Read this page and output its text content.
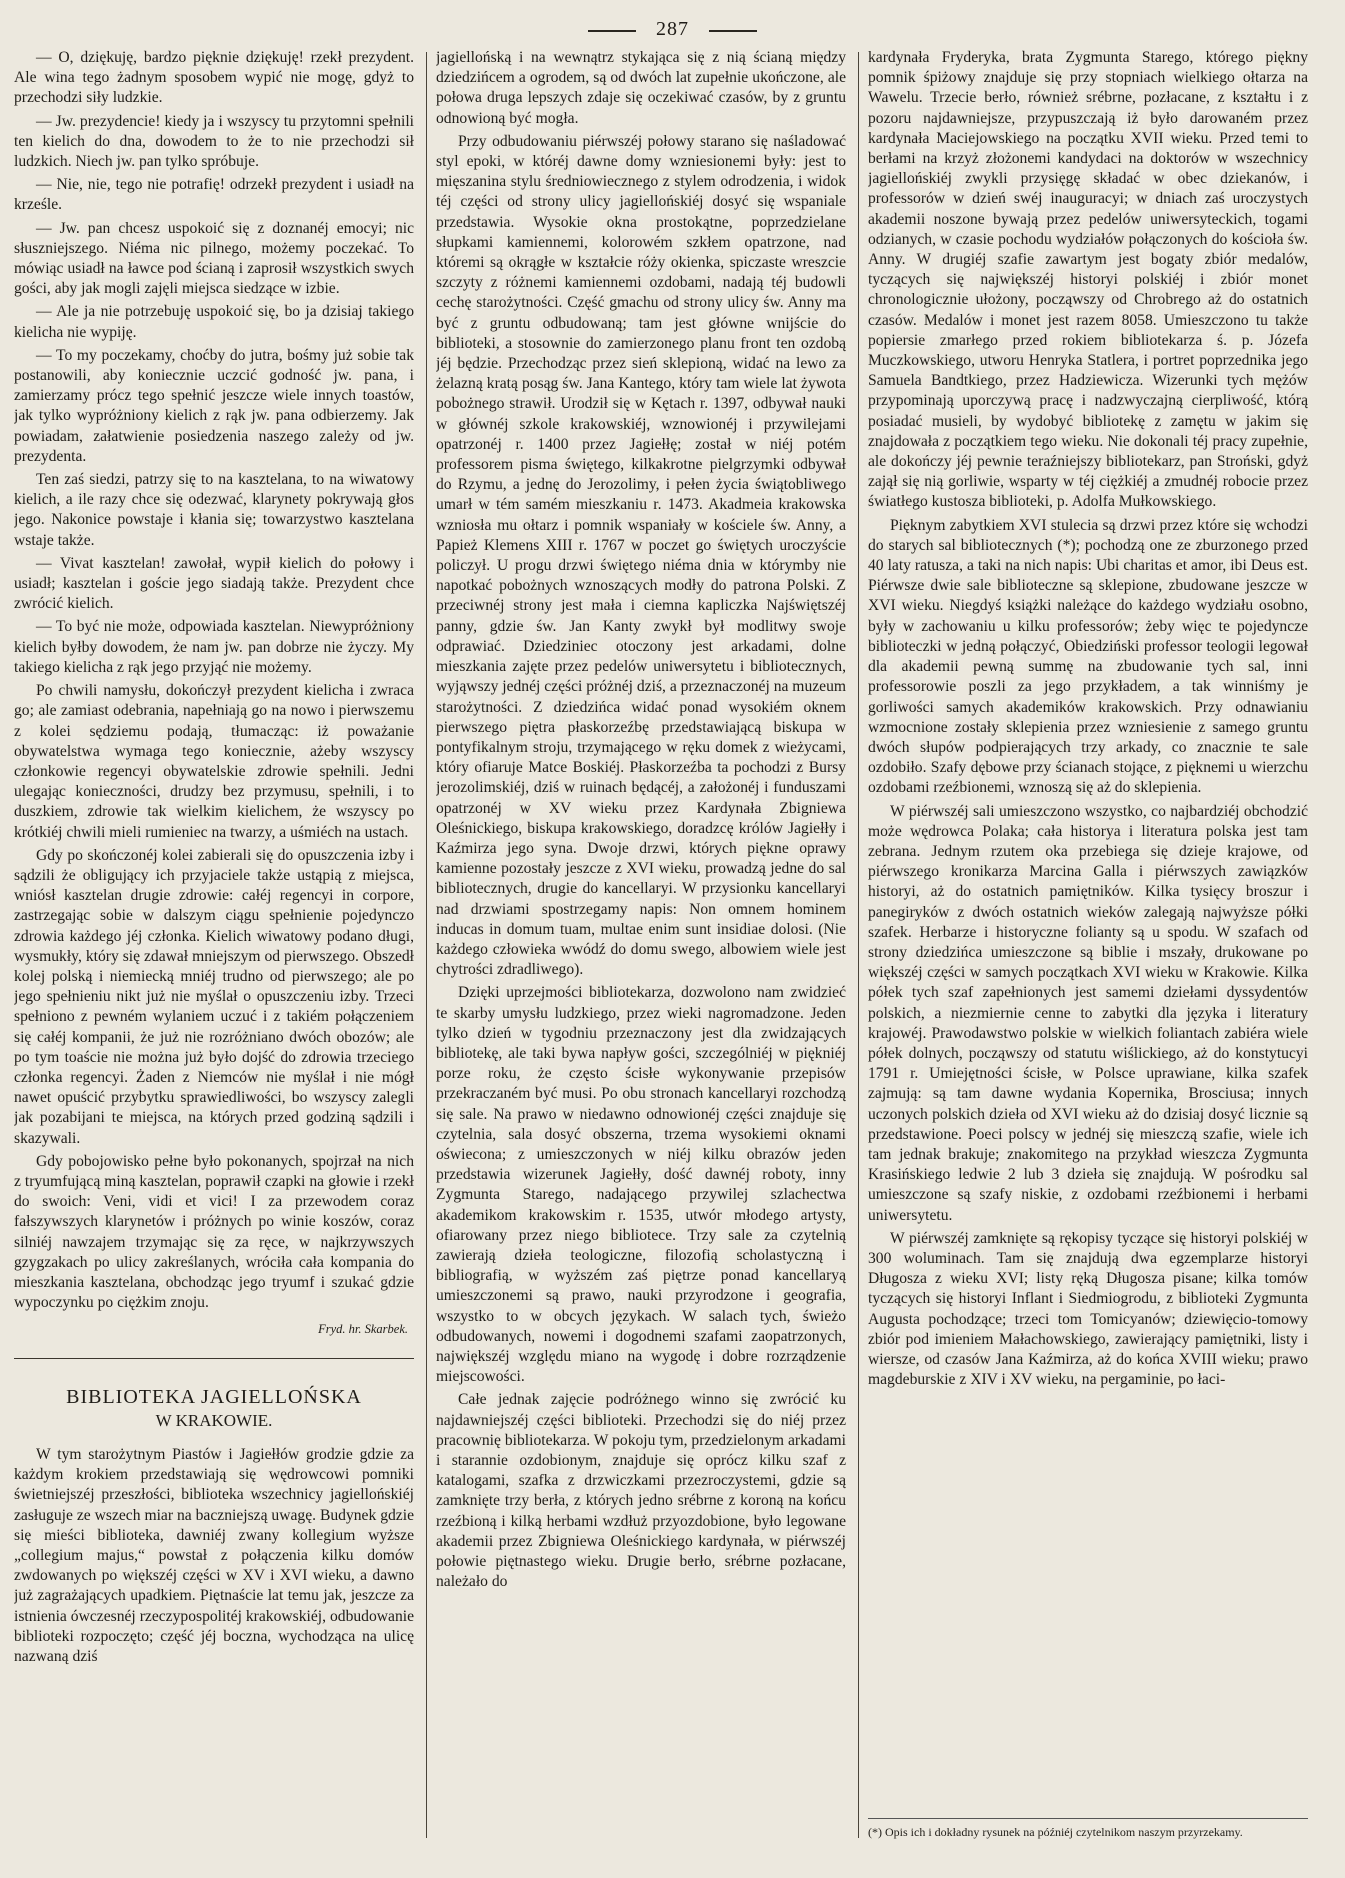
287

— O, dziękuję, bardzo pięknie dziękuję! rzekł prezydent. Ale wina tego żadnym sposobem wypić nie mogę, gdyż to przechodzi siły ludzkie.

— Jw. prezydencie! kiedy ja i wszyscy tu przytomni spełnili ten kielich do dna, dowodem to że to nie przechodzi sił ludzkich. Niech jw. pan tylko spróbuje.

— Nie, nie, tego nie potrafię! odrzekł prezydent i usiadł na krześle.

— Jw. pan chcesz uspokoić się z doznanéj emocyi; nic słuszniejszego. Niéma nic pilnego, możemy poczekać. To mówiąc usiadł na ławce pod ścianą i zaprosił wszystkich swych gości, aby jak mogli zajęli miejsca siedzące w izbie.

— Ale ja nie potrzebuję uspokoić się, bo ja dzisiaj takiego kielicha nie wypiję.

— To my poczekamy, choćby do jutra, bośmy już sobie tak postanowili, aby koniecznie uczcić godność jw. pana, i zamierzamy prócz tego spełnić jeszcze wiele innych toastów, jak tylko wypróżniony kielich z rąk jw. pana odbierzemy. Jak powiadam, załatwienie posiedzenia naszego zależy od jw. prezydenta.

Ten zaś siedzi, patrzy się to na kasztelana, to na wiwatowy kielich, a ile razy chce się odezwać, klarynety pokrywają głos jego. Nakonice powstaje i kłania się; towarzystwo kasztelana wstaje także.

— Vivat kasztelan! zawołał, wypił kielich do połowy i usiadł; kasztelan i goście jego siadają także. Prezydent chce zwrócić kielich.

— To być nie może, odpowiada kasztelan. Niewypróżniony kielich byłby dowodem, że nam jw. pan dobrze nie życzy. My takiego kielicha z rąk jego przyjąć nie możemy.

Po chwili namysłu, dokończył prezydent kielicha i zwraca go; ale zamiast odebrania, napełniają go na nowo i pierwszemu z kolei sędziemu podają, tłumacząc: iż poważanie obywatelstwa wymaga tego koniecznie, ażeby wszyscy członkowie regencyi obywatelskie zdrowie spełnili. Jedni ulegając konieczności, drudzy bez przymusu, spełnili, i to duszkiem, zdrowie tak wielkim kielichem, że wszyscy po krótkiéj chwili mieli rumieniec na twarzy, a uśmiéch na ustach.

Gdy po skończonéj kolei zabierali się do opuszczenia izby i sądzili że obligujący ich przyjaciele także ustąpią z miejsca, wniósł kasztelan drugie zdrowie: całéj regencyi in corpore, zastrzegając sobie w dalszym ciągu spełnienie pojedynczo zdrowia każdego jéj członka. Kielich wiwatowy podano długi, wysmukły, który się zdawał mniejszym od pierwszego. Obszedł kolej polską i niemiecką mniéj trudno od pierwszego; ale po jego spełnieniu nikt już nie myślał o opuszczeniu izby. Trzeci spełniono z pewném wylaniem uczuć i z takiém połączeniem się całéj kompanii, że już nie rozróżniano dwóch obozów; ale po tym toaście nie można już było dojść do zdrowia trzeciego członka regencyi. Żaden z Niemców nie myślał i nie mógł nawet opuścić przybytku sprawiedliwości, bo wszyscy zalegli jak pozabijani te miejsca, na których przed godziną sądzili i skazywali.

Gdy pobojowisko pełne było pokonanych, spojrzał na nich z tryumfującą miną kasztelan, poprawił czapki na głowie i rzekł do swoich: Veni, vidi et vici! I za przewodem coraz fałszywszych klarynetów i próżnych po winie koszów, coraz silniéj nawzajem trzymając się za ręce, w najkrzywszych gzygzakach po ulicy zakreślanych, wróciła cała kompania do mieszkania kasztelana, obchodząc jego tryumf i szukać gdzie wypoczynku po ciężkim znoju.

Fryd. hr. Skarbek.
BIBLIOTEKA JAGIELLOŃSKA
W KRAKOWIE.

W tym starożytnym Piastów i Jagiełłów grodzie gdzie za każdym krokiem przedstawiają się wędrowcowi pomniki świetniejszéj przeszłości, biblioteka wszechnicy jagiellońskiéj zasługuje ze wszech miar na baczniejszą uwagę. Budynek gdzie się mieści biblioteka, dawniéj zwany kollegium wyższe „collegium majus,“ powstał z połączenia kilku domów zwdowanych po większéj części w XV i XVI wieku, a dawno już zagrażających upadkiem. Piętnaście lat temu jak, jeszcze za istnienia ówczesnéj rzeczypospolitéj krakowskiéj, odbudowanie biblioteki rozpoczęto; część jéj boczna, wychodząca na ulicę nazwaną dziś

jagiellońską i na wewnątrz stykająca się z nią ścianą między dziedzińcem a ogrodem, są od dwóch lat zupełnie ukończone, ale połowa druga lepszych zdaje się oczekiwać czasów, by z gruntu odnowioną być mogła.

Przy odbudowaniu piérwszéj połowy starano się naśladować styl epoki, w któréj dawne domy wzniesionemi były: jest to mięszanina stylu średniowiecznego z stylem odrodzenia, i widok téj części od strony ulicy jagiellońskiéj dosyć się wspaniale przedstawia. Wysokie okna prostokątne, poprzedzielane słupkami kamiennemi, kolorowém szkłem opatrzone, nad któremi są okrągłe w kształcie róży okienka, spiczaste wreszcie szczyty z różnemi kamiennemi ozdobami, nadają téj budowli cechę starożytności. Część gmachu od strony ulicy św. Anny ma być z gruntu odbudowaną; tam jest główne wnijście do biblioteki, a stosownie do zamierzonego planu front ten ozdobą jéj będzie. Przechodząc przez sień sklepioną, widać na lewo za żelazną kratą posąg św. Jana Kantego, który tam wiele lat żywota pobożnego strawił. Urodził się w Kętach r. 1397, odbywał nauki w głównéj szkole krakowskiéj, wznowionéj i przywilejami opatrzonéj r. 1400 przez Jagiełłę; został w niéj potém professorem pisma świętego, kilkakrotne pielgrzymki odbywał do Rzymu, a jednę do Jerozolimy, i pełen życia świątobliwego umarł w tém samém mieszkaniu r. 1473. Akadmeia krakowska wzniosła mu ołtarz i pomnik wspaniały w kościele św. Anny, a Papież Klemens XIII r. 1767 w poczet go świętych uroczyście policzył. U progu drzwi świętego niéma dnia w którymby nie napotkać pobożnych wznoszących modły do patrona Polski. Z przeciwnéj strony jest mała i ciemna kapliczka Najświętszéj panny, gdzie św. Jan Kanty zwykł był modlitwy swoje odprawiać. Dziedziniec otoczony jest arkadami, dolne mieszkania zajęte przez pedelów uniwersytetu i bibliotecznych, wyjąwszy jednéj części próżnéj dziś, a przeznaczonéj na muzeum starożytności. Z dziedzińca widać ponad wysokiém oknem pierwszego piętra płaskorzeźbę przedstawiającą biskupa w pontyfikalnym stroju, trzymającego w ręku domek z wieżycami, który ofiaruje Matce Boskiéj. Płaskorzeźba ta pochodzi z Bursy jerozolimskiéj, dziś w ruinach będącéj, a założonéj i funduszami opatrzonéj w XV wieku przez Kardynała Zbigniewa Oleśnickiego, biskupa krakowskiego, doradzcę królów Jagiełły i Kaźmirza jego syna. Dwoje drzwi, których piękne oprawy kamienne pozostały jeszcze z XVI wieku, prowadzą jedne do sal bibliotecznych, drugie do kancellaryi. W przysionku kancellaryi nad drzwiami spostrzegamy napis: Non omnem hominem inducas in domum tuam, multae enim sunt insidiae dolosi. (Nie każdego człowieka wwódź do domu swego, albowiem wiele jest chytrości zdradliwego).

Dzięki uprzejmości bibliotekarza, dozwolono nam zwidzieć te skarby umysłu ludzkiego, przez wieki nagromadzone. Jeden tylko dzień w tygodniu przeznaczony jest dla zwidzających bibliotekę, ale taki bywa napływ gości, szczególniéj w piękniéj porze roku, że często ścisłe wykonywanie przepisów przekraczaném być musi. Po obu stronach kancellaryi rozchodzą się sale. Na prawo w niedawno odnowionéj części znajduje się czytelnia, sala dosyć obszerna, trzema wysokiemi oknami oświecona; z umieszczonych w niéj kilku obrazów jeden przedstawia wizerunek Jagiełły, dość dawnéj roboty, inny Zygmunta Starego, nadającego przywilej szlachectwa akademikom krakowskim r. 1535, utwór młodego artysty, ofiarowany przez niego bibliotece. Trzy sale za czytelnią zawierają dzieła teologiczne, filozofią scholastyczną i bibliografią, w wyższém zaś piętrze ponad kancellaryą umieszczonemi są prawo, nauki przyrodzone i geografia, wszystko to w obcych językach. W salach tych, świeżo odbudowanych, nowemi i dogodnemi szafami zaopatrzonych, największéj względu miano na wygodę i dobre rozrządzenie miejscowości.

Całe jednak zajęcie podróżnego winno się zwrócić ku najdawniejszéj części biblioteki. Przechodzi się do niéj przez pracownię bibliotekarza. W pokoju tym, przedzielonym arkadami i starannie ozdobionym, znajduje się oprócz kilku szaf z katalogami, szafka z drzwiczkami przezroczystemi, gdzie są zamknięte trzy berła, z których jedno srébrne z koroną na końcu rzeźbioną i kilką herbami wzdłuż przyozdobione, było legowane akademii przez Zbigniewa Oleśnickiego kardynała, w piérwszéj połowie piętnastego wieku. Drugie berło, srébrne pozłacane, należało do

kardynała Fryderyka, brata Zygmunta Starego, którego piękny pomnik śpiżowy znajduje się przy stopniach wielkiego ołtarza na Wawelu. Trzecie berło, również srébrne, pozłacane, z kształtu i z pozoru najdawniejsze, przypuszczają iż było darowaném przez kardynała Maciejowskiego na początku XVII wieku. Przed temi to berłami na krzyż złożonemi kandydaci na doktorów w wszechnicy jagiellońskiéj zwykli przysięgę składać w obec dziekanów, i professorów w dzień swéj inauguracyi; w dniach zaś uroczystych akademii noszone bywają przez pedelów uniwersyteckich, togami odzianych, w czasie pochodu wydziałów połączonych do kościoła św. Anny. W drugiéj szafie zawartym jest bogaty zbiór medalów, tyczących się największéj historyi polskiéj i zbiór monet chronologicznie ułożony, począwszy od Chrobrego aż do ostatnich czasów. Medalów i monet jest razem 8058. Umieszczono tu także popiersie zmarłego przed rokiem bibliotekarza ś. p. Józefa Muczkowskiego, utworu Henryka Statlera, i portret poprzednika jego Samuela Bandtkiego, przez Hadziewicza. Wizerunki tych mężów przypominają uporczywą pracę i nadzwyczajną cierpliwość, którą posiadać musieli, by wydobyć bibliotekę z zamętu w jakim się znajdowała z początkiem tego wieku. Nie dokonali téj pracy zupełnie, ale dokończy jéj pewnie teraźniejszy bibliotekarz, pan Stroński, gdyż zajął się nią gorliwie, wsparty w téj ciężkiéj a zmudnéj robocie przez światłego kustosza biblioteki, p. Adolfa Mułkowskiego.

Pięknym zabytkiem XVI stulecia są drzwi przez które się wchodzi do starych sal bibliotecznych (*); pochodzą one ze zburzonego przed 40 laty ratusza, a taki na nich napis: Ubi charitas et amor, ibi Deus est. Piérwsze dwie sale biblioteczne są sklepione, zbudowane jeszcze w XVI wieku. Niegdyś książki należące do każdego wydziału osobno, były w zachowaniu u kilku professorów; żeby więc te pojedyncze biblioteczki w jedną połączyć, Obiedziński professor teologii legował dla akademii pewną summę na zbudowanie tych sal, inni professorowie poszli za jego przykładem, a tak winniśmy je gorliwości samych akademików krakowskich. Przy odnawianiu wzmocnione zostały sklepienia przez wzniesienie z samego gruntu dwóch słupów podpierających trzy arkady, co znacznie te sale ozdobiło. Szafy dębowe przy ścianach stojące, z pięknemi u wierzchu ozdobami rzeźbionemi, wznoszą się aż do sklepienia.

W piérwszéj sali umieszczono wszystko, co najbardziéj obchodzić może wędrowca Polaka; cała historya i literatura polska jest tam zebrana. Jednym rzutem oka przebiega się dzieje krajowe, od piérwszego kronikarza Marcina Galla i piérwszych zawiązków historyi, aż do ostatnich pamiętników. Kilka tysięcy broszur i panegiryków z dwóch ostatnich wieków zalegają najwyższe półki szafek. Herbarze i historyczne folianty są u spodu. W szafach od strony dziedzińca umieszczone są biblie i mszały, drukowane po większéj części w samych początkach XVI wieku w Krakowie. Kilka półek tych szaf zapełnionych jest samemi dziełami dyssydentów polskich, a niezmiernie cenne to zabytki dla języka i literatury krajowéj. Prawodawstwo polskie w wielkich foliantach zabiéra wiele półek dolnych, począwszy od statutu wiślickiego, aż do konstytucyi 1791 r. Umiejętności ścisłe, w Polsce uprawiane, kilka szafek zajmują: są tam dawne wydania Kopernika, Brosciusa; innych uczonych polskich dzieła od XVI wieku aż do dzisiaj dosyć licznie są przedstawione. Poeci polscy w jednéj się mieszczą szafie, wiele ich tam jednak brakuje; znakomitego na przykład wieszcza Zygmunta Krasińskiego ledwie 2 lub 3 dzieła się znajdują. W pośrodku sal umieszczone są szafy niskie, z ozdobami rzeźbionemi i herbami uniwersytetu.

W piérwszéj zamknięte są rękopisy tyczące się historyi polskiéj w 300 woluminach. Tam się znajdują dwa egzemplarze historyi Długosza z wieku XVI; listy ręką Długosza pisane; kilka tomów tyczących się historyi Inflant i Siedmiogrodu, z biblioteki Zygmunta Augusta pochodzące; trzeci tom Tomicyanów; dziewięcio-tomowy zbiór pod imieniem Małachowskiego, zawierający pamiętniki, listy i wiersze, od czasów Jana Kaźmirza, aż do końca XVIII wieku; prawo magdeburskie z XIV i XV wieku, na pergaminie, po łaci-

(*) Opis ich i dokładny rysunek na późniéj czytelnikom naszym przyrzekamy.
